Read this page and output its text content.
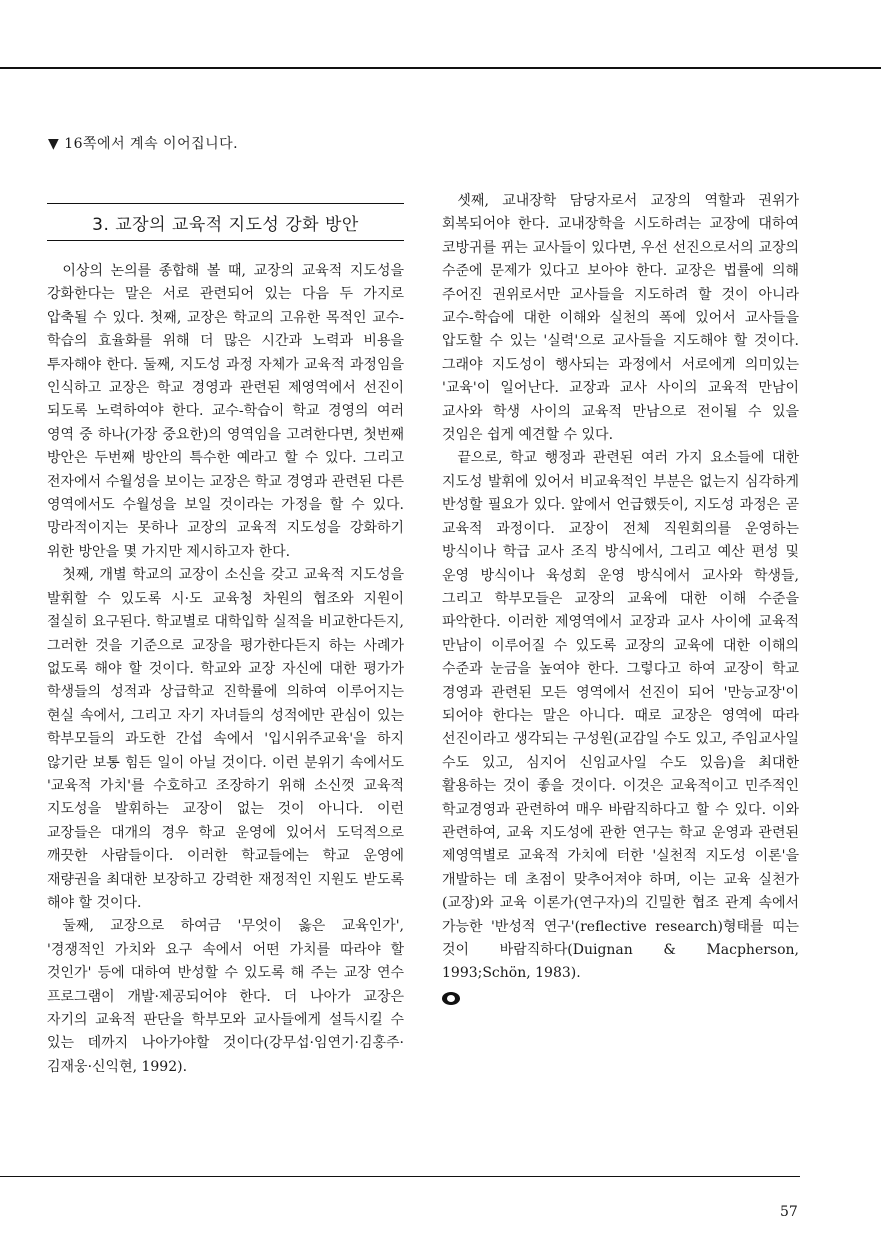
▼ 16쪽에서 계속 이어집니다.
3. 교장의 교육적 지도성 강화 방안

이상의 논의를 종합해 볼 때, 교장의 교육적 지도성을 강화한다는 말은 서로 관련되어 있는 다음 두 가지로 압축될 수 있다. 첫째, 교장은 학교의 고유한 목적인 교수-학습의 효율화를 위해 더 많은 시간과 노력과 비용을 투자해야 한다. 둘째, 지도성 과정 자체가 교육적 과정임을 인식하고 교장은 학교 경영과 관련된 제영역에서 선진이 되도록 노력하여야 한다. 교수-학습이 학교 경영의 여러 영역 중 하나(가장 중요한)의 영역임을 고려한다면, 첫번째 방안은 두번째 방안의 특수한 예라고 할 수 있다. 그리고 전자에서 수월성을 보이는 교장은 학교 경영과 관련된 다른 영역에서도 수월성을 보일 것이라는 가정을 할 수 있다. 망라적이지는 못하나 교장의 교육적 지도성을 강화하기 위한 방안을 몇 가지만 제시하고자 한다.

첫째, 개별 학교의 교장이 소신을 갖고 교육적 지도성을 발휘할 수 있도록 시·도 교육청 차원의 협조와 지원이 절실히 요구된다. 학교별로 대학입학 실적을 비교한다든지, 그러한 것을 기준으로 교장을 평가한다든지 하는 사례가 없도록 해야 할 것이다. 학교와 교장 자신에 대한 평가가 학생들의 성적과 상급학교 진학률에 의하여 이루어지는 현실 속에서, 그리고 자기 자녀들의 성적에만 관심이 있는 학부모들의 과도한 간섭 속에서 '입시위주교육'을 하지 않기란 보통 힘든 일이 아닐 것이다. 이런 분위기 속에서도 '교육적 가치'를 수호하고 조장하기 위해 소신껏 교육적 지도성을 발휘하는 교장이 없는 것이 아니다. 이런 교장들은 대개의 경우 학교 운영에 있어서 도덕적으로 깨끗한 사람들이다. 이러한 학교들에는 학교 운영에 재량권을 최대한 보장하고 강력한 재정적인 지원도 받도록 해야 할 것이다.

둘째, 교장으로 하여금 '무엇이 옳은 교육인가', '경쟁적인 가치와 요구 속에서 어떤 가치를 따라야 할 것인가' 등에 대하여 반성할 수 있도록 해 주는 교장 연수 프로그램이 개발·제공되어야 한다. 더 나아가 교장은 자기의 교육적 판단을 학부모와 교사들에게 설득시킬 수 있는 데까지 나아가야할 것이다(강무섭·임연기·김홍주·김재웅·신익현, 1992).

셋째, 교내장학 담당자로서 교장의 역할과 권위가 회복되어야 한다. 교내장학을 시도하려는 교장에 대하여 코방귀를 뀌는 교사들이 있다면, 우선 선진으로서의 교장의 수준에 문제가 있다고 보아야 한다. 교장은 법률에 의해 주어진 권위로서만 교사들을 지도하려 할 것이 아니라 교수-학습에 대한 이해와 실천의 폭에 있어서 교사들을 압도할 수 있는 '실력'으로 교사들을 지도해야 할 것이다. 그래야 지도성이 행사되는 과정에서 서로에게 의미있는 '교육'이 일어난다. 교장과 교사 사이의 교육적 만남이 교사와 학생 사이의 교육적 만남으로 전이될 수 있을 것임은 쉽게 예견할 수 있다.

끝으로, 학교 행정과 관련된 여러 가지 요소들에 대한 지도성 발휘에 있어서 비교육적인 부분은 없는지 심각하게 반성할 필요가 있다. 앞에서 언급했듯이, 지도성 과정은 곧 교육적 과정이다. 교장이 전체 직원회의를 운영하는 방식이나 학급 교사 조직 방식에서, 그리고 예산 편성 및 운영 방식이나 육성회 운영 방식에서 교사와 학생들, 그리고 학부모들은 교장의 교육에 대한 이해 수준을 파악한다. 이러한 제영역에서 교장과 교사 사이에 교육적 만남이 이루어질 수 있도록 교장의 교육에 대한 이해의 수준과 눈금을 높여야 한다. 그렇다고 하여 교장이 학교 경영과 관련된 모든 영역에서 선진이 되어 '만능교장'이 되어야 한다는 말은 아니다. 때로 교장은 영역에 따라 선진이라고 생각되는 구성원(교감일 수도 있고, 주임교사일 수도 있고, 심지어 신임교사일 수도 있음)을 최대한 활용하는 것이 좋을 것이다. 이것은 교육적이고 민주적인 학교경영과 관련하여 매우 바람직하다고 할 수 있다. 이와 관련하여, 교육 지도성에 관한 연구는 학교 운영과 관련된 제영역별로 교육적 가치에 터한 '실천적 지도성 이론'을 개발하는 데 초점이 맞추어져야 하며, 이는 교육 실천가(교장)와 교육 이론가(연구자)의 긴밀한 협조 관계 속에서 가능한 '반성적 연구'(reflective research)형태를 띠는 것이 바람직하다(Duignan & Macpherson, 1993;Schön, 1983).

57
